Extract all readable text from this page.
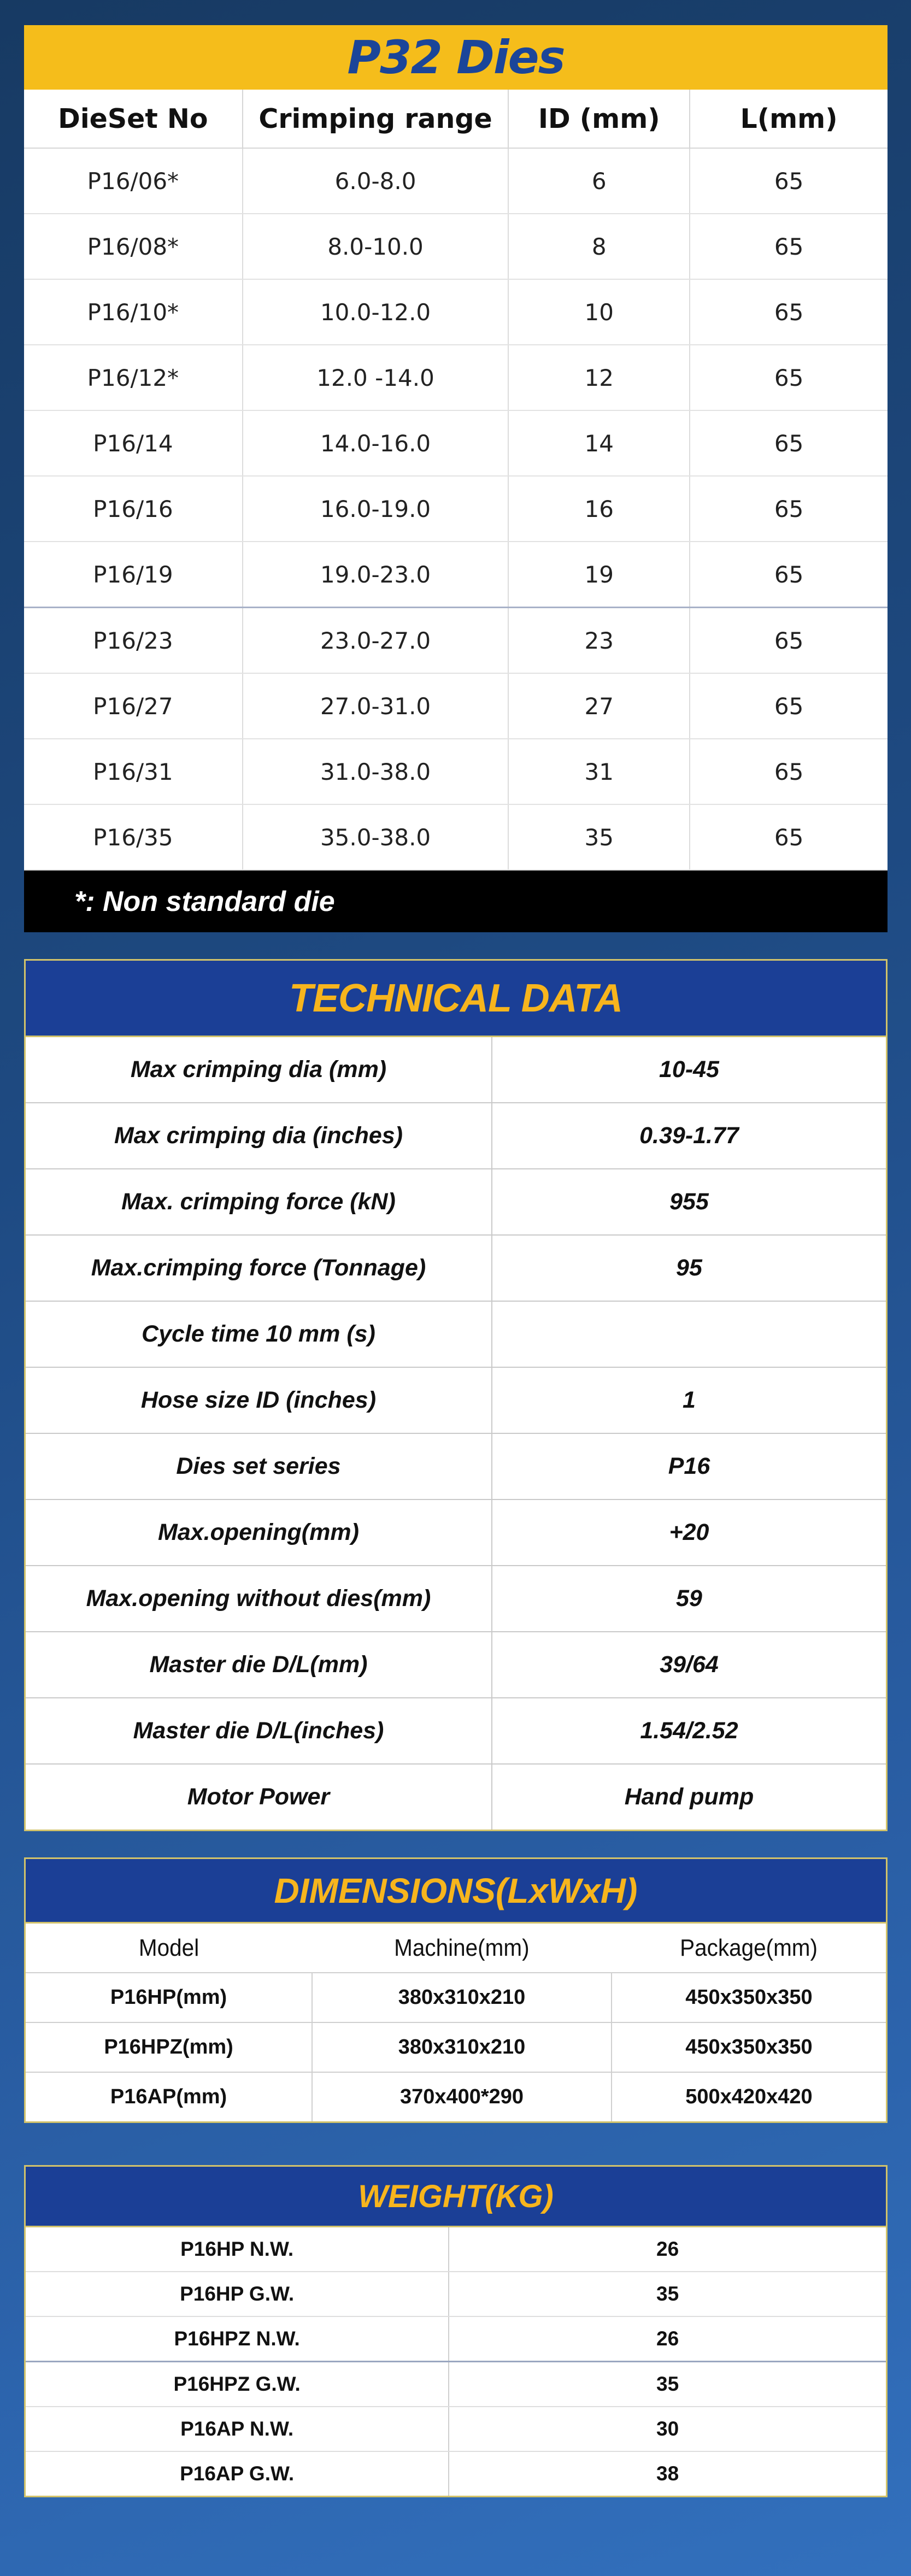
P32 Dies
DieSet No	Crimping range	ID (mm)	L(mm)
P16/06*	6.0-8.0	6	65
P16/08*	8.0-10.0	8	65
P16/10*	10.0-12.0	10	65
P16/12*	12.0 -14.0	12	65
P16/14	14.0-16.0	14	65
P16/16	16.0-19.0	16	65
P16/19	19.0-23.0	19	65
P16/23	23.0-27.0	23	65
P16/27	27.0-31.0	27	65
P16/31	31.0-38.0	31	65
P16/35	35.0-38.0	35	65
*: Non standard die
TECHNICAL DATA
Max crimping dia (mm)	10-45
Max crimping dia (inches)	0.39-1.77
Max. crimping force (kN)	955
Max.crimping force (Tonnage)	95
Cycle time 10 mm (s)	
Hose size ID (inches)	1
Dies set series	P16
Max.opening(mm)	+20
Max.opening without dies(mm)	59
Master die D/L(mm)	39/64
Master die D/L(inches)	1.54/2.52
Motor Power	Hand pump
DIMENSIONS(LxWxH)
Model	Machine(mm)	Package(mm)
P16HP(mm)	380x310x210	450x350x350
P16HPZ(mm)	380x310x210	450x350x350
P16AP(mm)	370x400*290	500x420x420
WEIGHT(KG)
P16HP N.W.	26
P16HP G.W.	35
P16HPZ N.W.	26
P16HPZ G.W.	35
P16AP N.W.	30
P16AP G.W.	38
